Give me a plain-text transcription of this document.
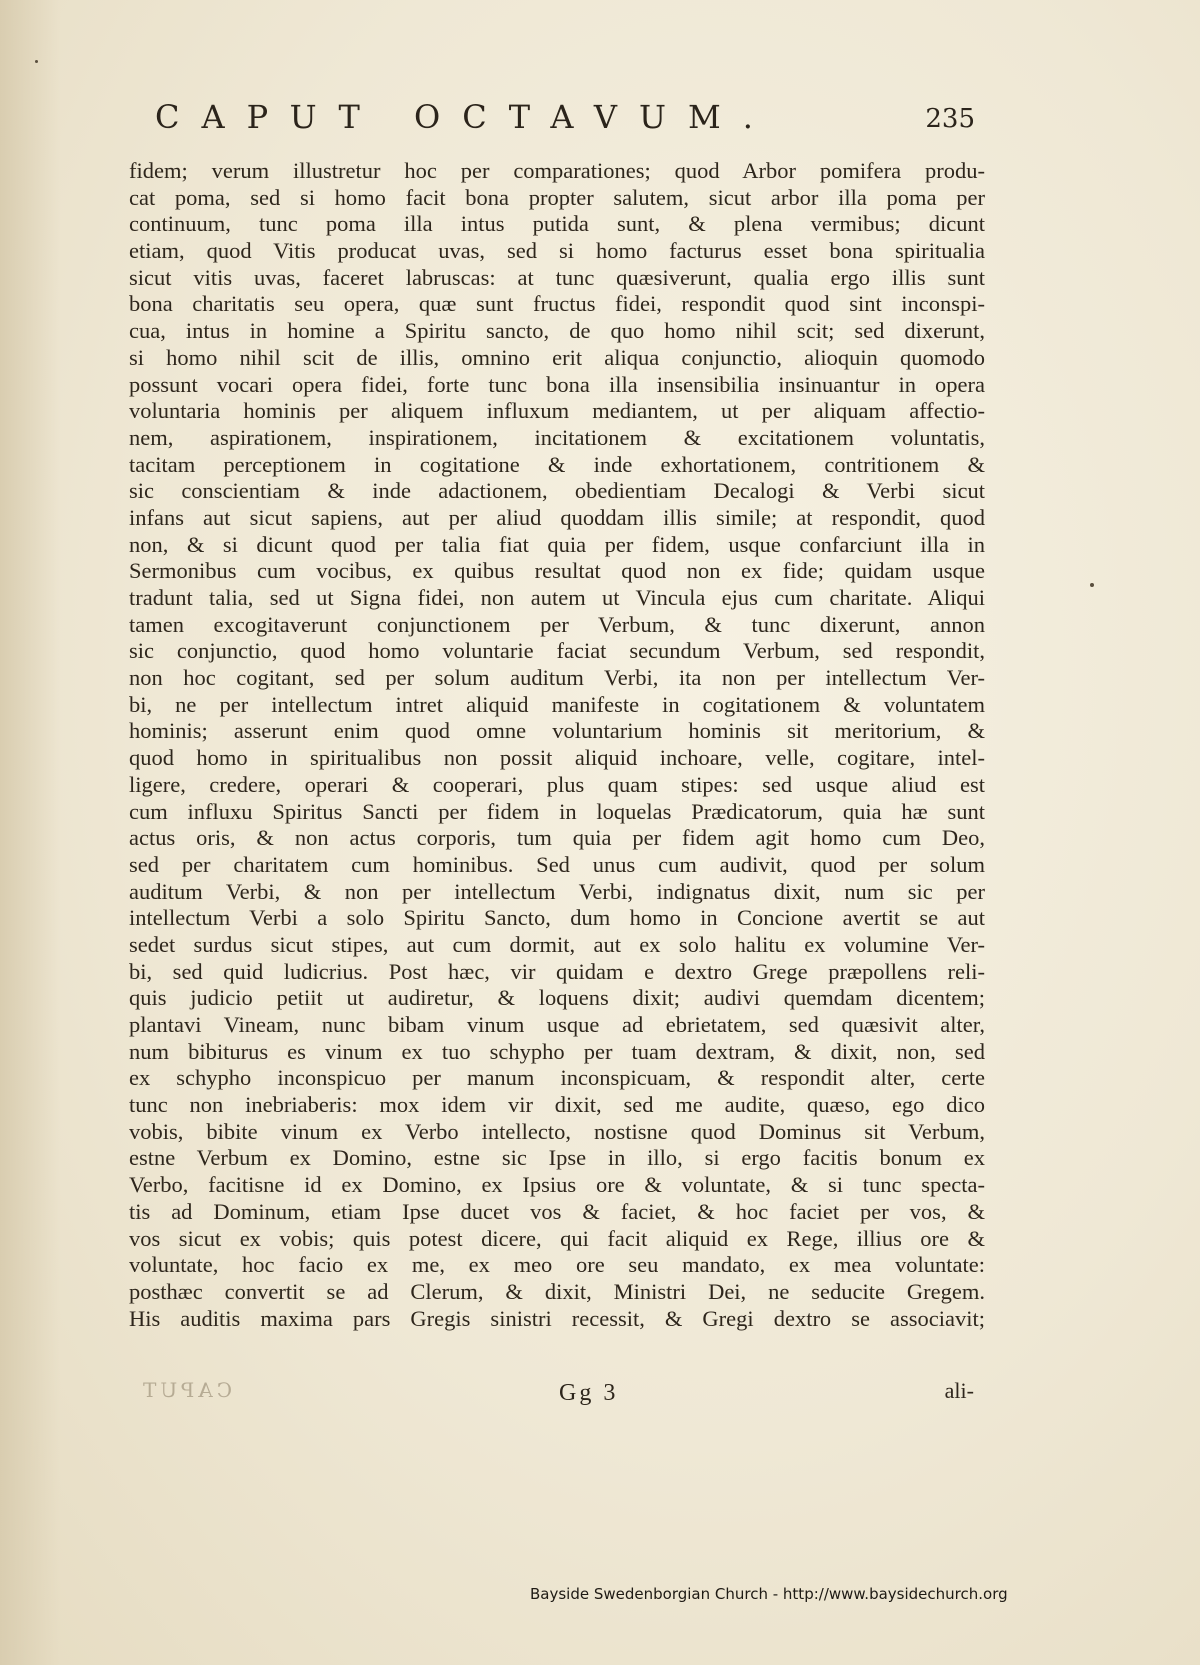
CAPUT OCTAVUM.	235
fidem; verum illustretur hoc per comparationes; quod Arbor pomifera produ-
cat poma, sed si homo facit bona propter salutem, sicut arbor illa poma per
continuum, tunc poma illa intus putida sunt, & plena vermibus; dicunt
etiam, quod Vitis producat uvas, sed si homo facturus esset bona spiritualia
sicut vitis uvas, faceret labruscas: at tunc quæsiverunt, qualia ergo illis sunt
bona charitatis seu opera, quæ sunt fructus fidei, respondit quod sint inconspi-
cua, intus in homine a Spiritu sancto, de quo homo nihil scit; sed dixerunt,
si homo nihil scit de illis, omnino erit aliqua conjunctio, alioquin quomodo
possunt vocari opera fidei, forte tunc bona illa insensibilia insinuantur in opera
voluntaria hominis per aliquem influxum mediantem, ut per aliquam affectio-
nem, aspirationem, inspirationem, incitationem & excitationem voluntatis,
tacitam perceptionem in cogitatione & inde exhortationem, contritionem &
sic conscientiam & inde adactionem, obedientiam Decalogi & Verbi sicut
infans aut sicut sapiens, aut per aliud quoddam illis simile; at respondit, quod
non, & si dicunt quod per talia fiat quia per fidem, usque confarciunt illa in
Sermonibus cum vocibus, ex quibus resultat quod non ex fide; quidam usque
tradunt talia, sed ut Signa fidei, non autem ut Vincula ejus cum charitate. Aliqui
tamen excogitaverunt conjunctionem per Verbum, & tunc dixerunt, annon
sic conjunctio, quod homo voluntarie faciat secundum Verbum, sed respondit,
non hoc cogitant, sed per solum auditum Verbi, ita non per intellectum Ver-
bi, ne per intellectum intret aliquid manifeste in cogitationem & voluntatem
hominis; asserunt enim quod omne voluntarium hominis sit meritorium, &
quod homo in spiritualibus non possit aliquid inchoare, velle, cogitare, intel-
ligere, credere, operari & cooperari, plus quam stipes: sed usque aliud est
cum influxu Spiritus Sancti per fidem in loquelas Prædicatorum, quia hæ sunt
actus oris, & non actus corporis, tum quia per fidem agit homo cum Deo,
sed per charitatem cum hominibus. Sed unus cum audivit, quod per solum
auditum Verbi, & non per intellectum Verbi, indignatus dixit, num sic per
intellectum Verbi a solo Spiritu Sancto, dum homo in Concione avertit se aut
sedet surdus sicut stipes, aut cum dormit, aut ex solo halitu ex volumine Ver-
bi, sed quid ludicrius. Post hæc, vir quidam e dextro Grege præpollens reli-
quis judicio petiit ut audiretur, & loquens dixit; audivi quemdam dicentem;
plantavi Vineam, nunc bibam vinum usque ad ebrietatem, sed quæsivit alter,
num bibiturus es vinum ex tuo schypho per tuam dextram, & dixit, non, sed
ex schypho inconspicuo per manum inconspicuam, & respondit alter, certe
tunc non inebriaberis: mox idem vir dixit, sed me audite, quæso, ego dico
vobis, bibite vinum ex Verbo intellecto, nostisne quod Dominus sit Verbum,
estne Verbum ex Domino, estne sic Ipse in illo, si ergo facitis bonum ex
Verbo, facitisne id ex Domino, ex Ipsius ore & voluntate, & si tunc specta-
tis ad Dominum, etiam Ipse ducet vos & faciet, & hoc faciet per vos, &
vos sicut ex vobis; quis potest dicere, qui facit aliquid ex Rege, illius ore &
voluntate, hoc facio ex me, ex meo ore seu mandato, ex mea voluntate:
posthæc convertit se ad Clerum, & dixit, Ministri Dei, ne seducite Gregem.
His auditis maxima pars Gregis sinistri recessit, & Gregi dextro se associavit;
CAPUT	Gg 3	ali-
Bayside Swedenborgian Church - http://www.baysidechurch.org
